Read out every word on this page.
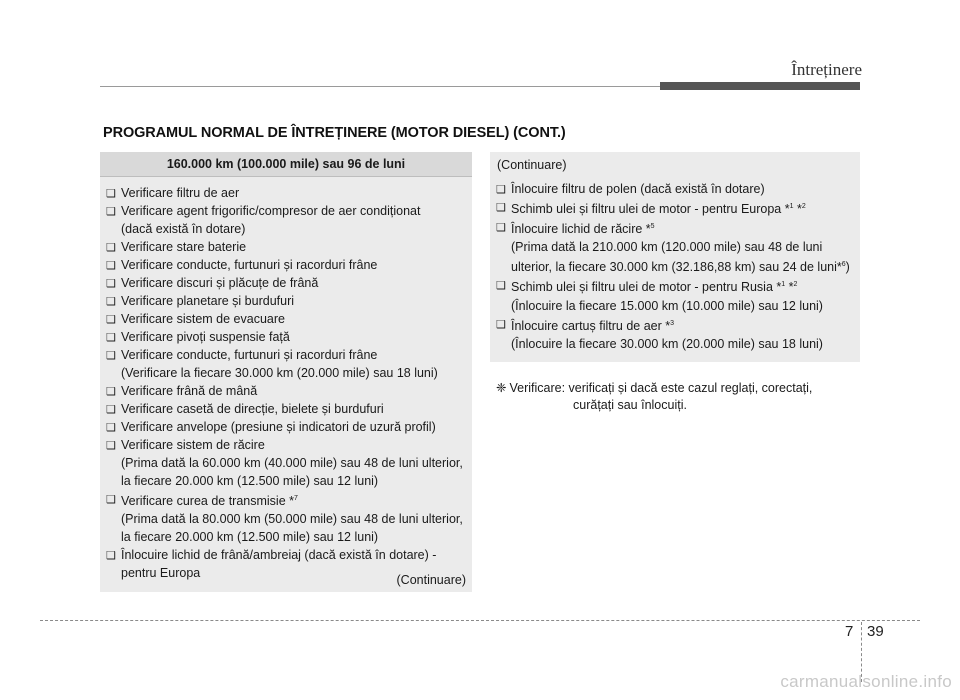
Întreținere
PROGRAMUL NORMAL DE ÎNTREȚINERE (MOTOR DIESEL) (CONT.)
160.000 km (100.000 mile) sau 96 de luni
❑ Verificare filtru de aer
❑ Verificare agent frigorific/compresor de aer condiționat
(dacă există în dotare)
❑ Verificare stare baterie
❑ Verificare conducte, furtunuri și racorduri frâne
❑ Verificare discuri și plăcuțe de frână
❑ Verificare planetare și burdufuri
❑ Verificare sistem de evacuare
❑ Verificare pivoți suspensie față
❑ Verificare conducte, furtunuri și racorduri frâne
(Verificare la fiecare 30.000 km (20.000 mile) sau 18 luni)
❑ Verificare frână de mână
❑ Verificare casetă de direcție, bielete și burdufuri
❑ Verificare anvelope (presiune și indicatori de uzură profil)
❑ Verificare sistem de răcire
(Prima dată la 60.000 km (40.000 mile) sau 48 de luni ulterior, la fiecare 20.000 km (12.500 mile) sau 12 luni)
❑ Verificare curea de transmisie *$^7$
(Prima dată la 80.000 km (50.000 mile) sau 48 de luni ulterior, la fiecare 20.000 km (12.500 mile) sau 12 luni)
❑ Înlocuire lichid de frână/ambreiaj (dacă există în dotare) - pentru Europa	(Continuare)
(Continuare)
❑ Înlocuire filtru de polen (dacă există în dotare)
❑ Schimb ulei și filtru ulei de motor - pentru Europa *$^1$ *$^2$
❑ Înlocuire lichid de răcire *$^5$
(Prima dată la 210.000 km (120.000 mile) sau 48 de luni ulterior, la fiecare 30.000 km (32.186,88 km) sau 24 de luni*$^6$)
❑ Schimb ulei și filtru ulei de motor - pentru Rusia *$^1$ *$^2$
(Înlocuire la fiecare 15.000 km (10.000 mile) sau 12 luni)
❑ Înlocuire cartuș filtru de aer *$^3$
(Înlocuire la fiecare 30.000 km (20.000 mile) sau 18 luni)
❈ Verificare: verificați și dacă este cazul reglați, corectați,
curățați sau înlocuiți.
7 39
carmanualsonline.info
